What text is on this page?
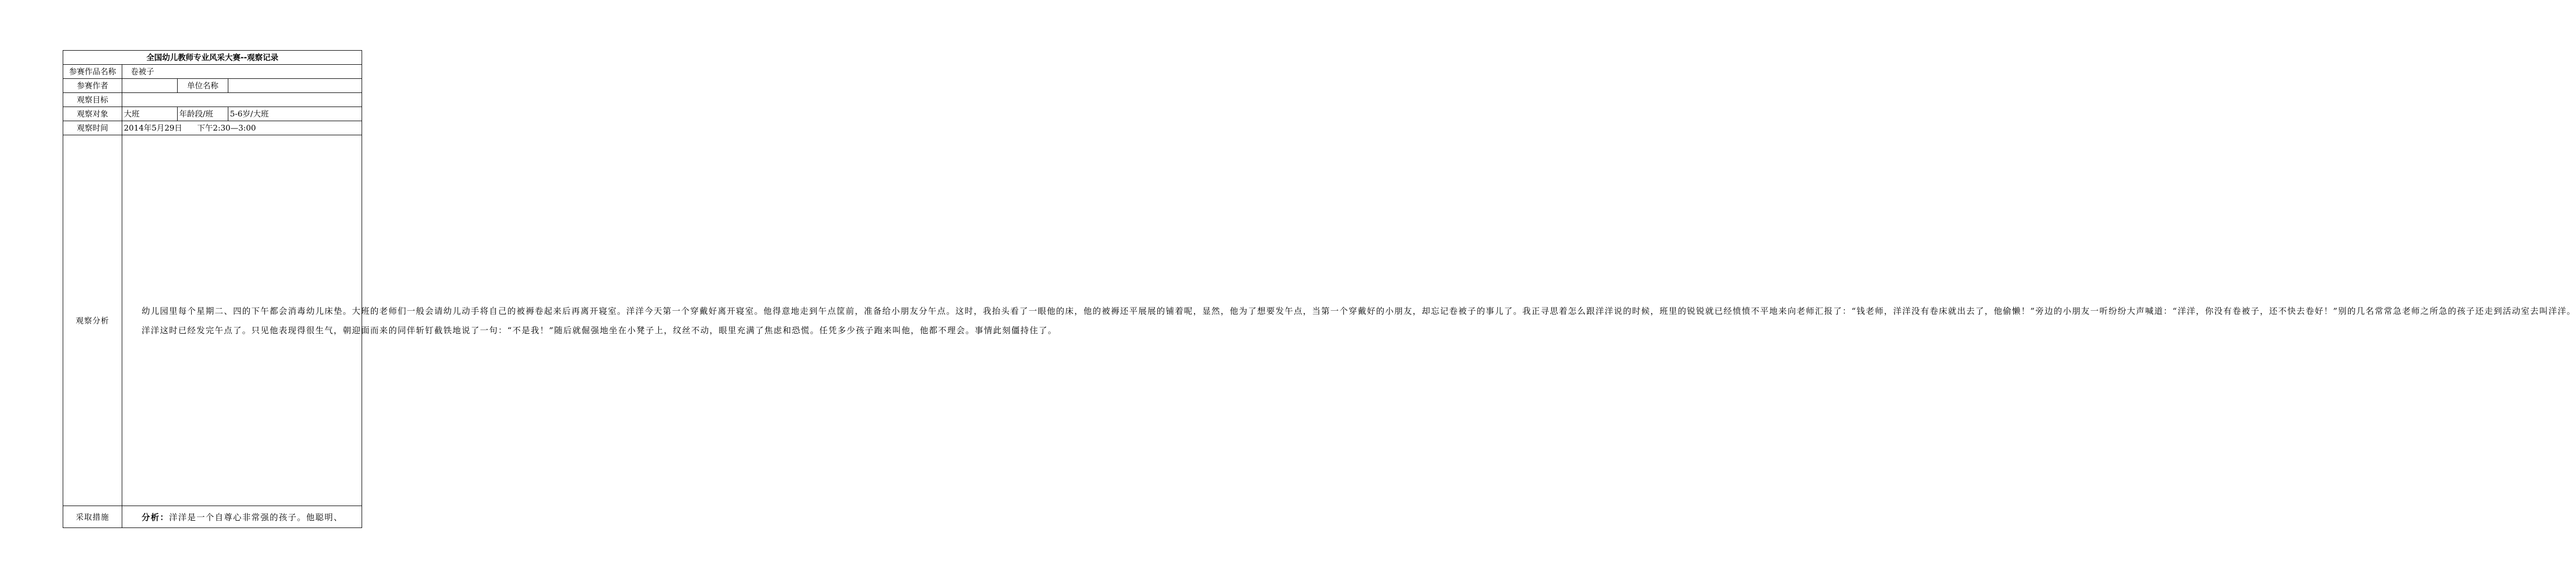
全国幼儿教师专业风采大赛--观察记录			
参赛作品名称	卷被子		
参赛作者		单位名称	
观察目标			
观察对象	大班	年龄段/班	5-6岁/大班
观察时间	2014年5月29日      下午2:30—3:00		
观察分析	幼儿园里每个星期二、四的下午都会消毒幼儿床垫。大班的老师们一般会请幼儿动手将自己的被褥卷起来后再离开寝室。洋洋今天第一个穿戴好离开寝室。他得意地走到午点筐前，准备给小朋友分午点。这时，我抬头看了一眼他的床，他的被褥还平展展的铺着呢，显然，他为了想要发午点，当第一个穿戴好的小朋友，却忘记卷被子的事儿了。我正寻思着怎么跟洋洋说的时候，班里的锐锐就已经愤愤不平地来向老师汇报了：“钱老师，洋洋没有卷床就出去了，他偷懒！”旁边的小朋友一听纷纷大声喊道：“洋洋，你没有卷被子，还不快去卷好！”别的几名常常急老师之所急的孩子还走到活动室去叫洋洋。

洋洋这时已经发完午点了。只见他表现得很生气，朝迎面而来的同伴斩钉截铁地说了一句：“不是我！”随后就倔强地坐在小凳子上，纹丝不动，眼里充满了焦虑和恐慌。任凭多少孩子跑来叫他，他都不理会。事情此刻僵持住了。		

采取措施	分析：洋洋是一个自尊心非常强的孩子。他聪明、		
